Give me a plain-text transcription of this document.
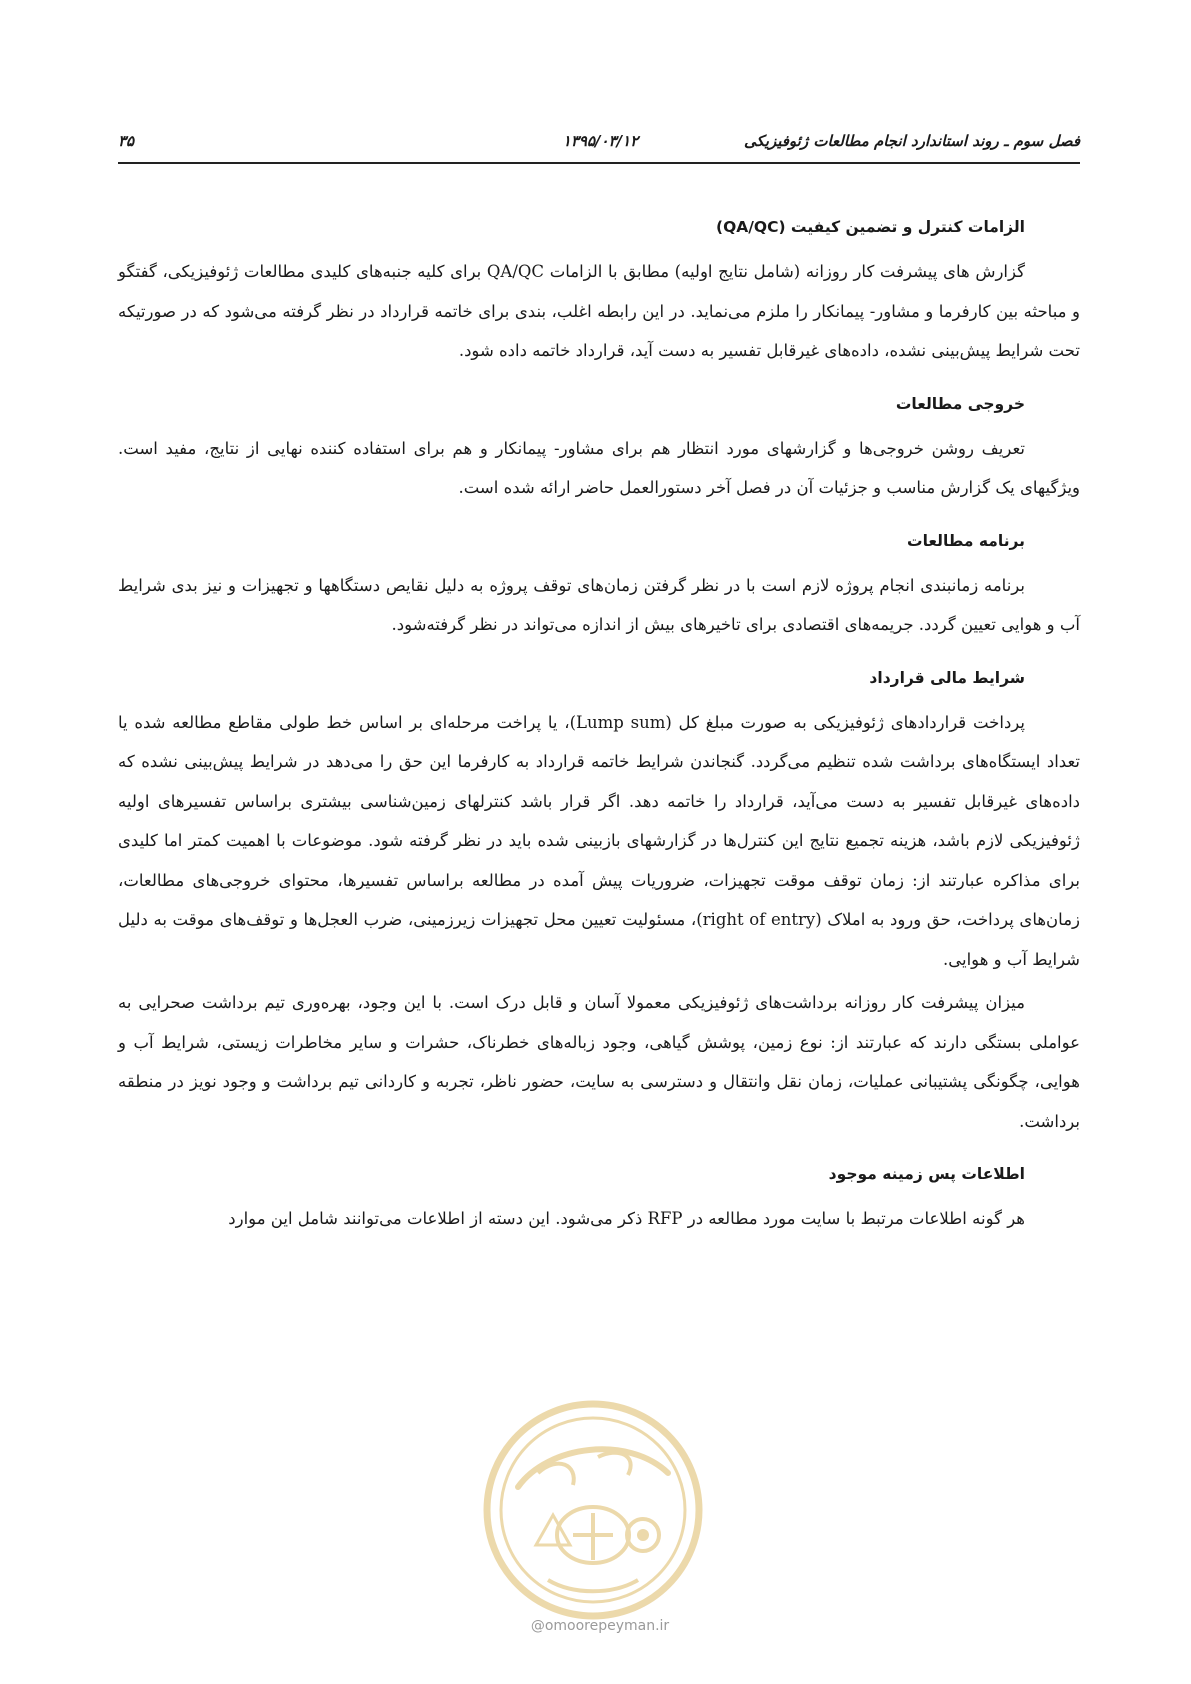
فصل سوم ـ روند استاندارد انجام مطالعات ژئوفیزیکی
۱۳۹۵/۰۳/۱۲
۳۵
الزامات کنترل و تضمین کیفیت (QA/QC)

گزارش های پیشرفت کار روزانه (شامل نتایج اولیه) مطابق با الزامات QA/QC برای کلیه جنبه‌های کلیدی مطالعات ژئوفیزیکی، گفتگو و مباحثه بین کارفرما و مشاور- پیمانکار را ملزم می‌نماید. در این رابطه اغلب، بندی برای خاتمه قرارداد در نظر گرفته می‌شود که در صورتیکه تحت شرایط پیش‌بینی نشده، داده‌های غیرقابل تفسیر به دست آید، قرارداد خاتمه داده شود.

خروجی مطالعات

تعریف روشن خروجی‌ها و گزارشهای مورد انتظار هم برای مشاور- پیمانکار و هم برای استفاده کننده نهایی از نتایج، مفید است. ویژگیهای یک گزارش مناسب و جزئیات آن در فصل آخر دستورالعمل حاضر ارائه شده است.

برنامه مطالعات

برنامه زمانبندی انجام پروژه لازم است با در نظر گرفتن زمان‌های توقف پروژه به دلیل نقایص دستگاهها و تجهیزات و نیز بدی شرایط آب و هوایی تعیین گردد. جریمه‌های اقتصادی برای تاخیرهای بیش از اندازه می‌تواند در نظر گرفته‌شود.

شرایط مالی قرارداد

پرداخت قراردادهای ژئوفیزیکی به صورت مبلغ کل (Lump sum)، یا پراخت مرحله‌ای بر اساس خط طولی مقاطع مطالعه شده یا تعداد ایستگاه‌های برداشت شده تنظیم می‌گردد. گنجاندن شرایط خاتمه قرارداد به کارفرما این حق را می‌دهد در شرایط پیش‌بینی نشده که داده‌های غیرقابل تفسیر به دست می‌آید، قرارداد را خاتمه دهد. اگر قرار باشد کنترلهای زمین‌شناسی بیشتری براساس تفسیرهای اولیه ژئوفیزیکی لازم باشد، هزینه تجمیع نتایج این کنترل‌ها در گزارشهای بازبینی شده باید در نظر گرفته شود. موضوعات با اهمیت کمتر اما کلیدی برای مذاکره عبارتند از: زمان توقف موقت تجهیزات، ضروریات پیش آمده در مطالعه براساس تفسیرها، محتوای خروجی‌های مطالعات، زمان‌های پرداخت، حق ورود به املاک (right of entry)، مسئولیت تعیین محل تجهیزات زیرزمینی، ضرب العجل‌ها و توقف‌های موقت به دلیل شرایط آب و هوایی.

میزان پیشرفت کار روزانه برداشت‌های ژئوفیزیکی معمولا آسان و قابل درک است. با این وجود، بهره‌وری تیم برداشت صحرایی به عواملی بستگی دارند که عبارتند از: نوع زمین، پوشش گیاهی، وجود زباله‌های خطرناک، حشرات و سایر مخاطرات زیستی، شرایط آب و هوایی، چگونگی پشتیبانی عملیات، زمان نقل وانتقال و دسترسی به سایت، حضور ناظر، تجربه و کاردانی تیم برداشت و وجود نویز در منطقه برداشت.

اطلاعات پس زمینه موجود

هر گونه اطلاعات مرتبط با سایت مورد مطالعه در RFP ذکر می‌شود. این دسته از اطلاعات می‌توانند شامل این موارد

@omoorepeyman.ir
